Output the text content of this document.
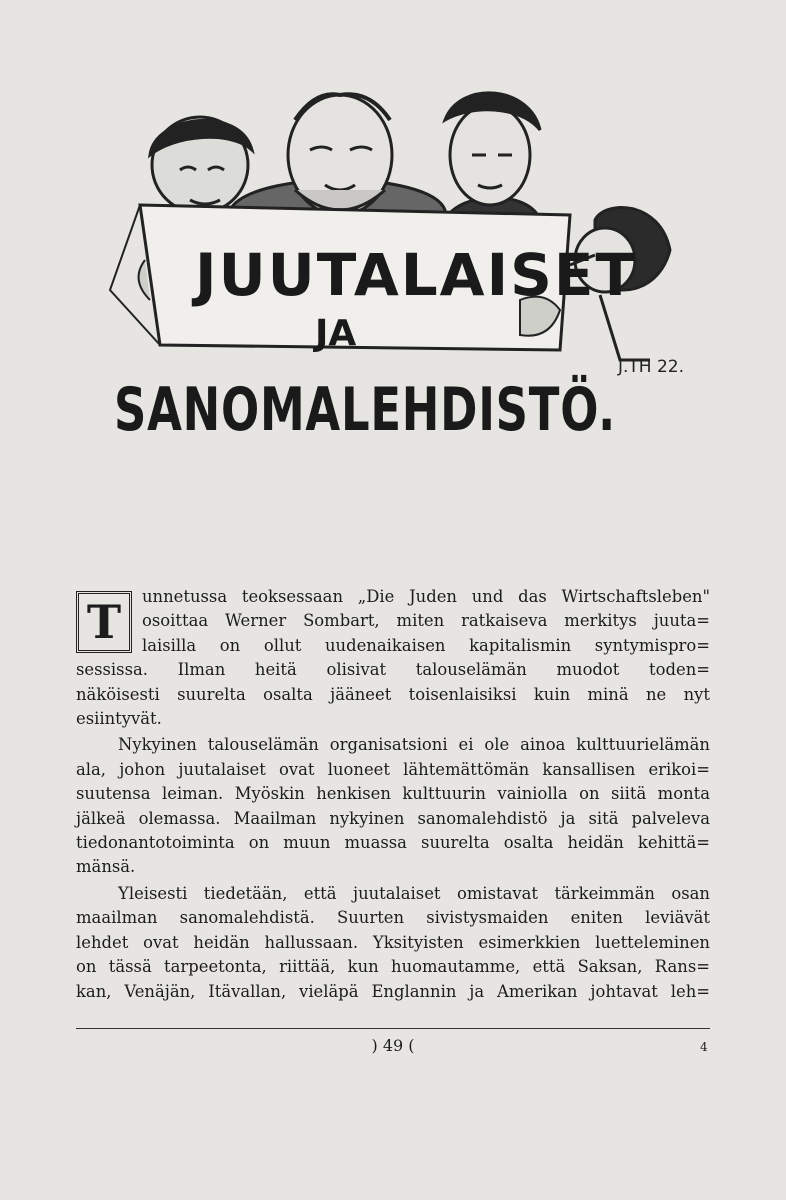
JUUTALAISET
JA
SANOMALEHDISTÖ.
J.TH 22.
T	unnetussa teoksessaan „Die Juden und das Wirtschaftsleben"
osoittaa Werner Sombart, miten ratkaiseva merkitys juuta=
laisilla on ollut uudenaikaisen kapitalismin syntymispro=
sessissa. Ilman heitä olisivat talouselämän muodot toden=
näköisesti suurelta osalta jääneet toisenlaisiksi kuin minä ne nyt
esiintyvät.

Nykyinen talouselämän organisatsioni ei ole ainoa kulttuurielämän
ala, johon juutalaiset ovat luoneet lähtemättömän kansallisen erikoi=
suutensa leiman. Myöskin henkisen kulttuurin vainiolla on siitä monta
jälkeä olemassa. Maailman nykyinen sanomalehdistö ja sitä palveleva
tiedonantotoiminta on muun muassa suurelta osalta heidän kehittä=
mänsä.

Yleisesti tiedetään, että juutalaiset omistavat tärkeimmän osan
maailman sanomalehdistä. Suurten sivistysmaiden eniten leviävät
lehdet ovat heidän hallussaan. Yksityisten esimerkkien luetteleminen
on tässä tarpeetonta, riittää, kun huomautamme, että Saksan, Rans=
kan, Venäjän, Itävallan, vieläpä Englannin ja Amerikan johtavat leh=

) 49 (	4
